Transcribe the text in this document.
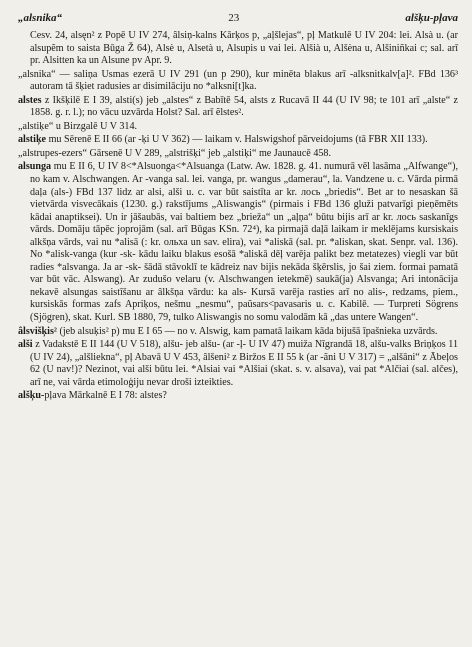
„alsnika“	23	alšķu-pļava

Cesv. 24, alsęn² z Popē U IV 274, âlsiņ-kalns Kārķos p, „aļšlejas“, pļ Matkulē U IV 204: lei. Alsà u. (ar alsupẽm to saista Būga Ž 64), Alsė u, Alsetà u, Alsupis u vai lei. Alšià u, Alšėna u, Alšiniñkai c; sal. arī pr. Alsitten ka un Alsune pv Apr. 9.

„alsnika“ — saliņa Usmas ezerā U IV 291 (un p 290), kur minēta blakus arī -alksnitkalv[a]². FBd 136³ autoram tā šķiet radusies ar disimilāciju no *alksni[t]ka.

alstes z Ikšķilē E I 39, alsti(s) jeb „alstes“ z Babītē 54, alsts z Rucavā II 44 (U IV 98; te 101 arī „alste“ z 1858. g. r. l.); no vācu uzvārda Holst? Sal. arī ẽlstes².

„alstiķe“ u Birzgalē U V 314.

alstiķe mu Sērenē E II 66 (ar -ķi U V 362) — laikam v. Halswigshof pārveidojums (tā FBR XII 133).

„alstrupes-ezers“ Gārsenē U V 289, „alstrišķi“ jeb „alstiķi“ me Jaunaucē 458.

alsunga mu E II 6, U IV 8<*Alsuonga<*Alsuanga (Latw. Aw. 1828. g. 41. numurā vēl lasāma „Alfwange“), no kam v. Alschwangen. Ar -vanga sal. lei. vanga, pr. wangus „damerau“, la. Vandzene u. c. Vārda pirmā daļa (als-) FBd 137 lidz ar alsi, alši u. c. var būt saistīta ar kr. лось „briedis“. Bet ar to nesaskan šā vietvārda visvecākais (1230. g.) rakstījums „Aliswangis“ (pirmais i FBd 136 gluži patvarīgi pieņēmēts kādai anaptiksei). Un ir jāšaubās, vai baltiem bez „brieža“ un „aļņa“ būtu bijis arī ar kr. лось saskanīgs vārds. Domāju tāpēc joprojām (sal. arī Būgas KSn. 72⁴), ka pirmajā daļā laikam ir meklējams kursiskais alkšņa vārds, vai nu *alisā (: kr. ольха un sav. elira), vai *aliskā (sal. pr. *aliskan, skat. Senpr. val. 136). No *alisk-vanga (kur -sk- kādu laiku blakus esošā *aliskā dēļ varēja palikt bez metatezes) viegli var būt radies *alsvanga. Ja ar -sk- šādā stāvoklī te kādreiz nav bijis nekāda šķērslis, jo šai ziem. formai pamatā var būt vāc. Alswang). Ar zudušo velaru (v. Alschwangen ietekmē) saukā(ja) Alsvanga; Ari intonācija nekavē alsungas saistīšanu ar âlkšņa vārdu: ka als- Kursā varēja rasties arī no alis-, redzams, piem., kursiskās formas zafs Apriķos, nešmu „nesmu“, paũsars<pavasaris u. c. Kabilē. — Turpreti Sögrens (Sjögren), skat. Kurl. SB 1880, 79, tulko Aliswangis no somu valodām kā „das untere Wangen“.

âlsvišķis² (jeb alsuķis² p) mu E I 65 — no v. Alswig, kam pamatā laikam kāda bijušā īpašnieka uzvārds.

alši z Vadakstē E II 144 (U V 518), alšu- jeb alšu- (ar -ļ- U IV 47) muiža Nīgrandā 18, alšu-valks Briņķos 11 (U IV 24), „alšliekna“, pļ Abavā U V 453, âlšeni² z Biržos E II 55 k (ar -ãni U V 317) = „alšāni“ z Ābeļos 62 (U nav!)? Nezinot, vai alši būtu lei. *Alsiai vai *Alšiai (skat. s. v. alsava), vai pat *Alčiai (sal. alčes), arī ne, vai vārda etimoloģiju nevar droši izteikties.

alšķu-pļava Mārkalnē E I 78: alstes?
